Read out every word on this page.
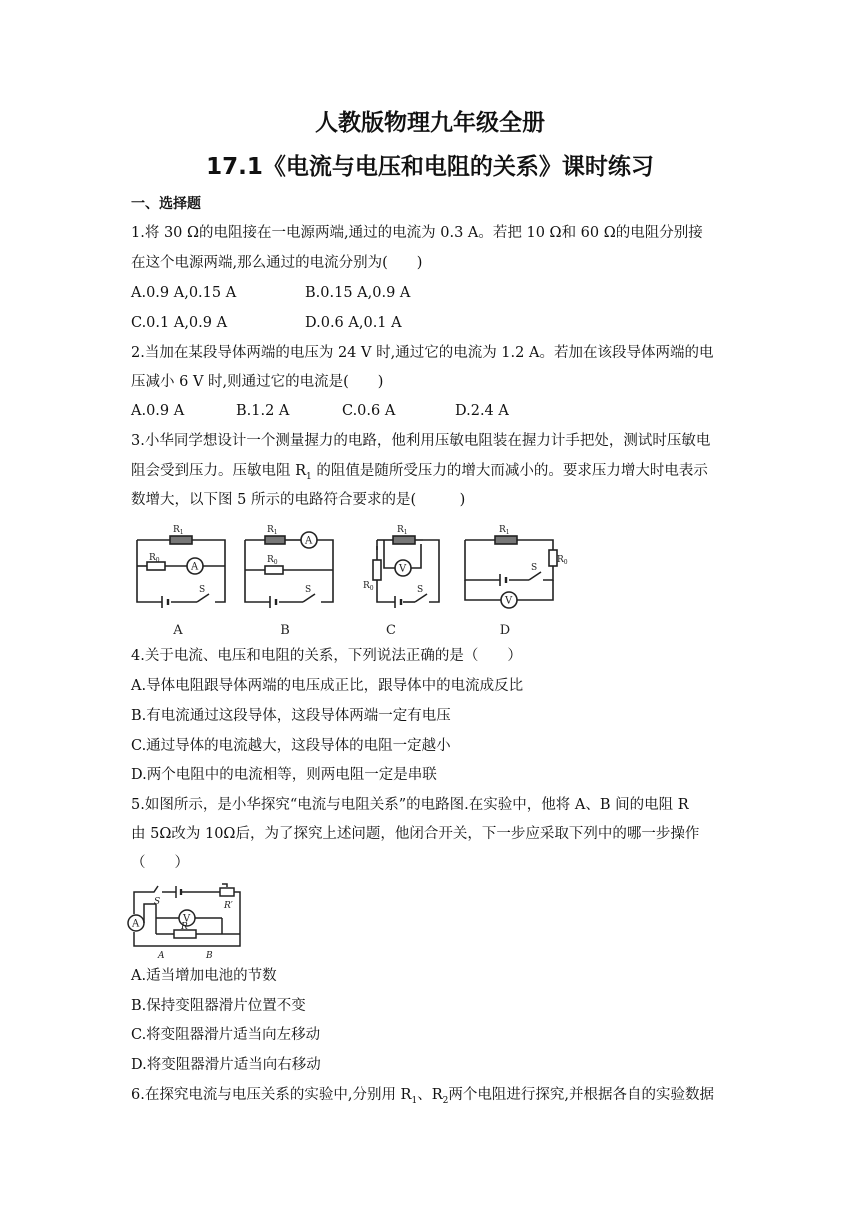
人教版物理九年级全册
17.1《电流与电压和电阻的关系》课时练习
一、选择题
1.将 30 Ω的电阻接在一电源两端,通过的电流为 0.3 A。若把 10 Ω和 60 Ω的电阻分别接
在这个电源两端,那么通过的电流分别为(　　)
A.0.9 A,0.15 A	B.0.15 A,0.9 A
C.0.1 A,0.9 A	D.0.6 A,0.1 A
2.当加在某段导体两端的电压为 24 V 时,通过它的电流为 1.2 A。若加在该段导体两端的电
压减小 6 V 时,则通过它的电流是(　　)
A.0.9 A	B.1.2 A	C.0.6 A	D.2.4 A
3.小华同学想设计一个测量握力的电路，他利用压敏电阻装在握力计手把处，测试时压敏电
阻会受到压力。压敏电阻 $R_1$ 的阻值是随所受压力的增大而减小的。要求压力增大时电表示
数增大，以下图 5 所示的电路符合要求的是(　　　)
$R_1$
$R_0$
A
S
$R_1$
$R_0$
A
S
$R_1$
$R_0$
V
S
$R_1$
$R_0$
V
S
A	B	C	D
4.关于电流、电压和电阻的关系，下列说法正确的是（　　）
A.导体电阻跟导体两端的电压成正比，跟导体中的电流成反比
B.有电流通过这段导体，这段导体两端一定有电压
C.通过导体的电流越大，这段导体的电阻一定越小
D.两个电阻中的电流相等，则两电阻一定是串联
5.如图所示，是小华探究“电流与电阻关系”的电路图.在实验中，他将 A、B 间的电阻 R
由 5Ω改为 10Ω后，为了探究上述问题，他闭合开关，下一步应采取下列中的哪一步操作
（　　）
S	R′
V
A	R
A	B
A.适当增加电池的节数
B.保持变阻器滑片位置不变
C.将变阻器滑片适当向左移动
D.将变阻器滑片适当向右移动
6.在探究电流与电压关系的实验中,分别用 $R_1$、$R_2$两个电阻进行探究,并根据各自的实验数据
